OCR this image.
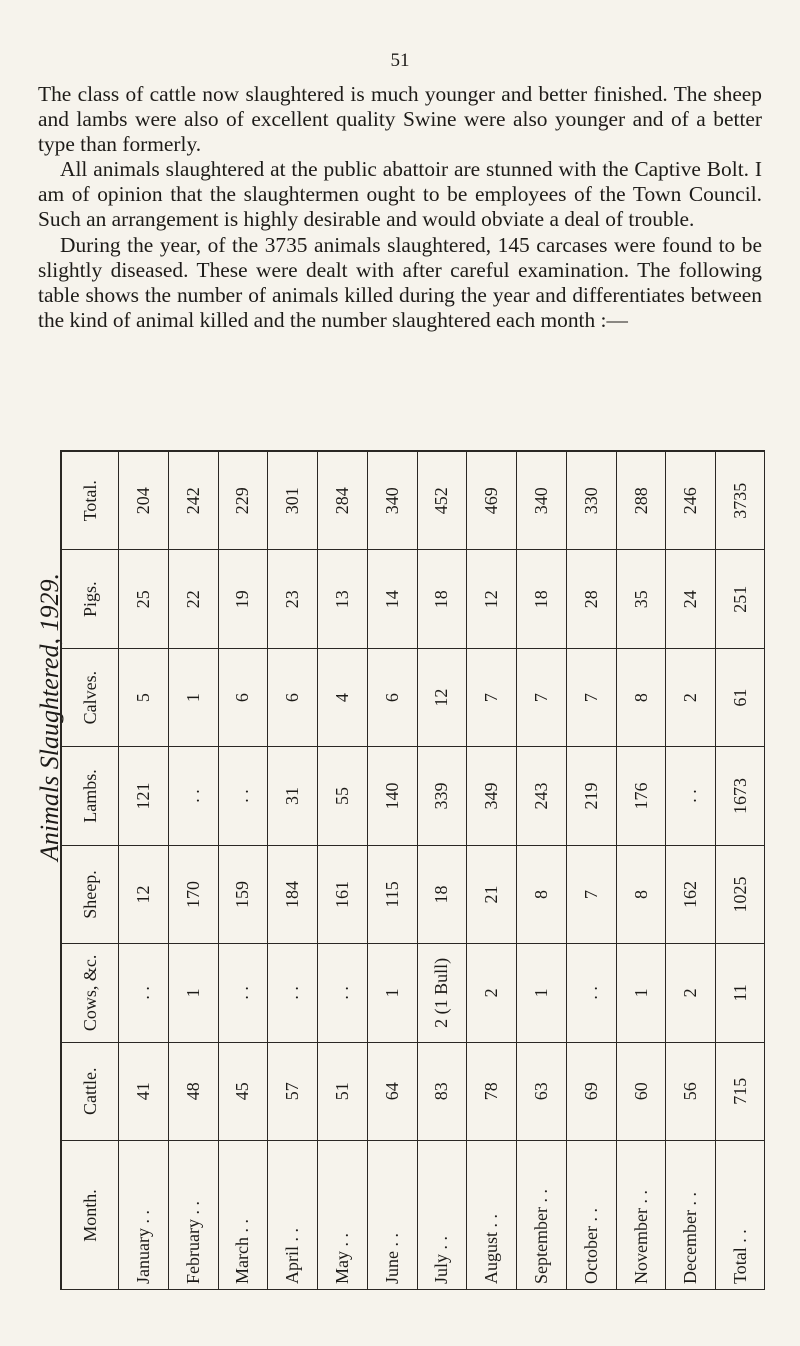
51

The class of cattle now slaughtered is much younger and better finished. The sheep and lambs were also of excellent quality Swine were also younger and of a better type than formerly.

All animals slaughtered at the public abattoir are stunned with the Captive Bolt. I am of opinion that the slaughtermen ought to be employees of the Town Council. Such an arrangement is highly desirable and would obviate a deal of trouble.

During the year, of the 3735 animals slaughtered, 145 carcases were found to be slightly diseased. These were dealt with after careful examination. The following table shows the number of animals killed during the year and differentiates between the kind of animal killed and the number slaughtered each month :—

Animals Slaughtered, 1929.
Month.	Cattle.	Cows, &c.	Sheep.	Lambs.	Calves.	Pigs.	Total.
January . .	41	. .	12	121	5	25	204
February . .	48	1	170	. .	1	22	242
March . .	45	. .	159	. .	6	19	229
April . .	57	. .	184	31	6	23	301
May . .	51	. .	161	55	4	13	284
June . .	64	1	115	140	6	14	340
July . .	83	2 (1 Bull)	18	339	12	18	452
August . .	78	2	21	349	7	12	469
September . .	63	1	8	243	7	18	340
October . .	69	. .	7	219	7	28	330
November . .	60	1	8	176	8	35	288
December . .	56	2	162	. .	2	24	246
Total . .	715	11	1025	1673	61	251	3735
